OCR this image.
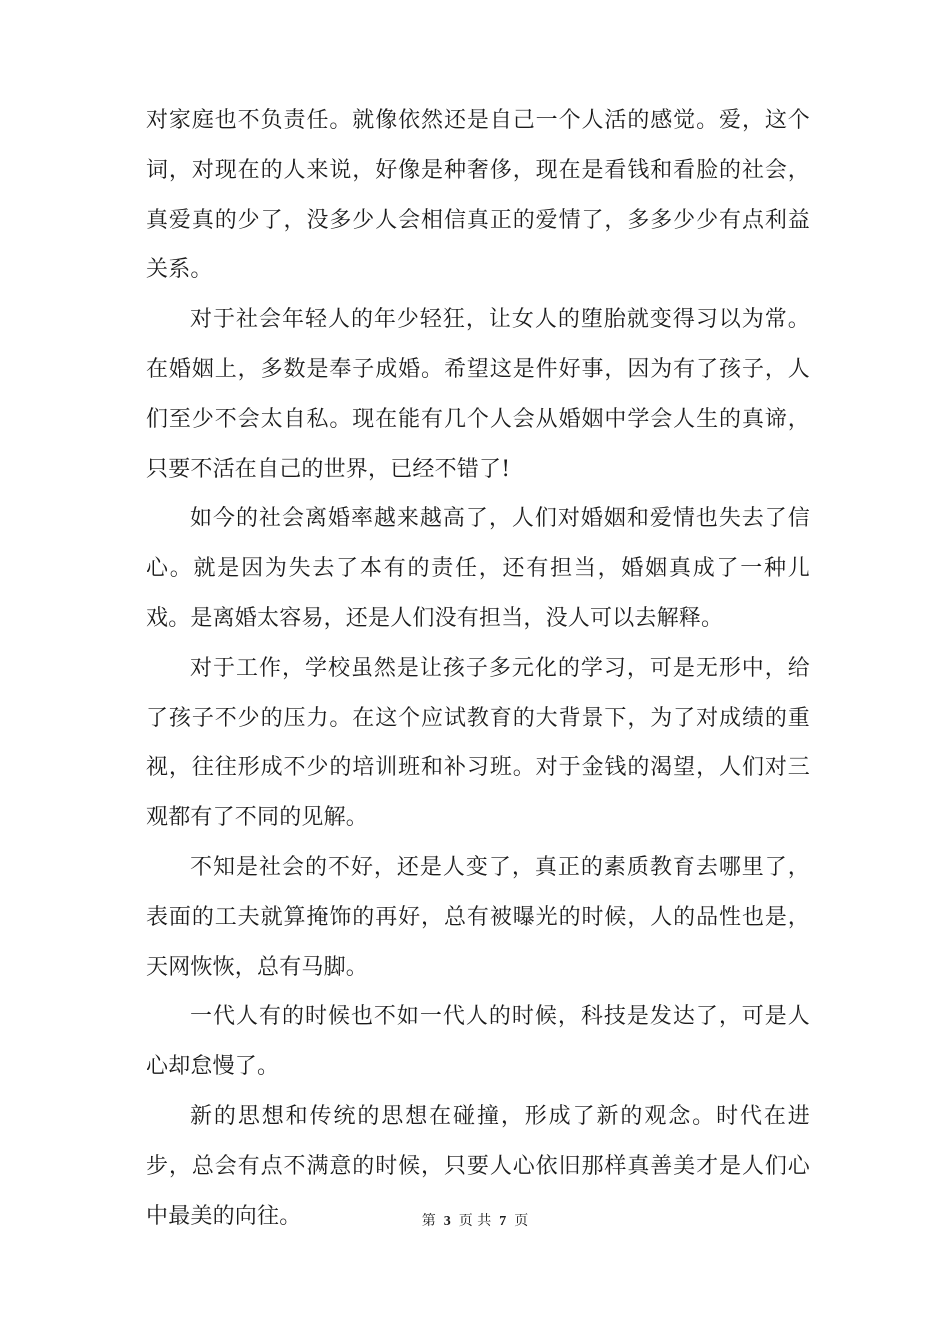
对家庭也不负责任。就像依然还是自己一个人活的感觉。爱，这个词，对现在的人来说，好像是种奢侈，现在是看钱和看脸的社会，真爱真的少了，没多少人会相信真正的爱情了，多多少少有点利益关系。

对于社会年轻人的年少轻狂，让女人的堕胎就变得习以为常。在婚姻上，多数是奉子成婚。希望这是件好事，因为有了孩子，人们至少不会太自私。现在能有几个人会从婚姻中学会人生的真谛，只要不活在自己的世界，已经不错了!

如今的社会离婚率越来越高了，人们对婚姻和爱情也失去了信心。就是因为失去了本有的责任，还有担当，婚姻真成了一种儿戏。是离婚太容易，还是人们没有担当，没人可以去解释。

对于工作，学校虽然是让孩子多元化的学习，可是无形中，给了孩子不少的压力。在这个应试教育的大背景下，为了对成绩的重视，往往形成不少的培训班和补习班。对于金钱的渴望，人们对三观都有了不同的见解。

不知是社会的不好，还是人变了，真正的素质教育去哪里了，表面的工夫就算掩饰的再好，总有被曝光的时候，人的品性也是，天网恢恢，总有马脚。

一代人有的时候也不如一代人的时候，科技是发达了，可是人心却怠慢了。

新的思想和传统的思想在碰撞，形成了新的观念。时代在进步，总会有点不满意的时候，只要人心依旧那样真善美才是人们心中最美的向往。	第 3 页 共 7 页
